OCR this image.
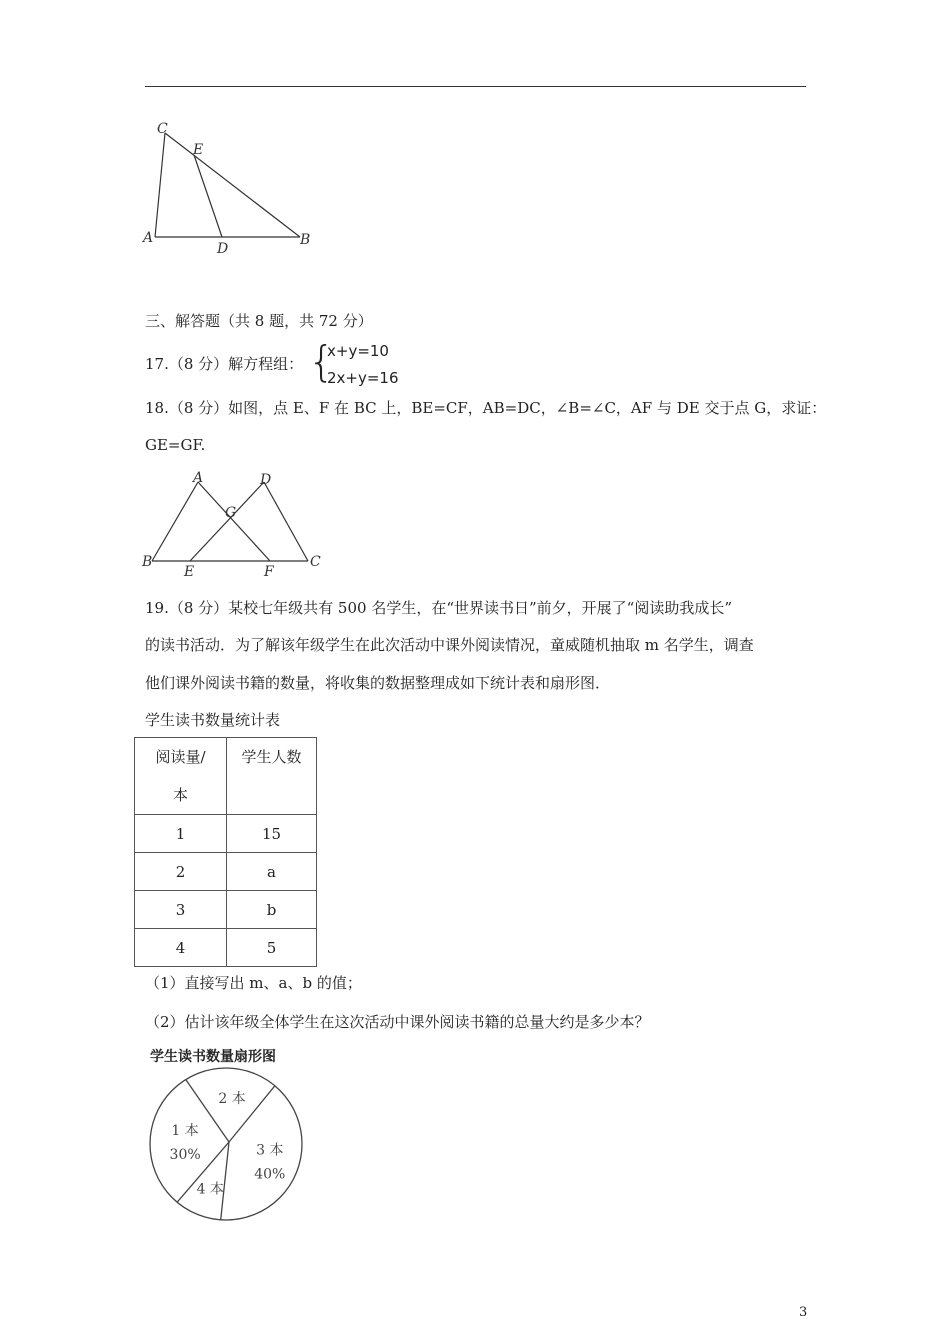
C
E
A
D
B
三、解答题（共 8 题，共 72 分）
17.（8 分）解方程组： {
x+y=10
2x+y=16
18.（8 分）如图，点 E、F 在 BC 上，BE=CF，AB=DC，∠B=∠C，AF 与 DE 交于点 G，求证：
GE=GF.
A	D
G
B
E	F
C
19.（8 分）某校七年级共有 500 名学生，在“世界读书日”前夕，开展了“阅读助我成长”
的读书活动．为了解该年级学生在此次活动中课外阅读情况，童威随机抽取 m 名学生，调查
他们课外阅读书籍的数量，将收集的数据整理成如下统计表和扇形图．
学生读书数量统计表
阅读量/
本	学生人数

1	15
2	a
3	b
4	5
（1）直接写出 m、a、b 的值；
（2）估计该年级全体学生在这次活动中课外阅读书籍的总量大约是多少本？
学生读书数量扇形图
1 本
30%
2 本
3 本
40%
4 本
3
